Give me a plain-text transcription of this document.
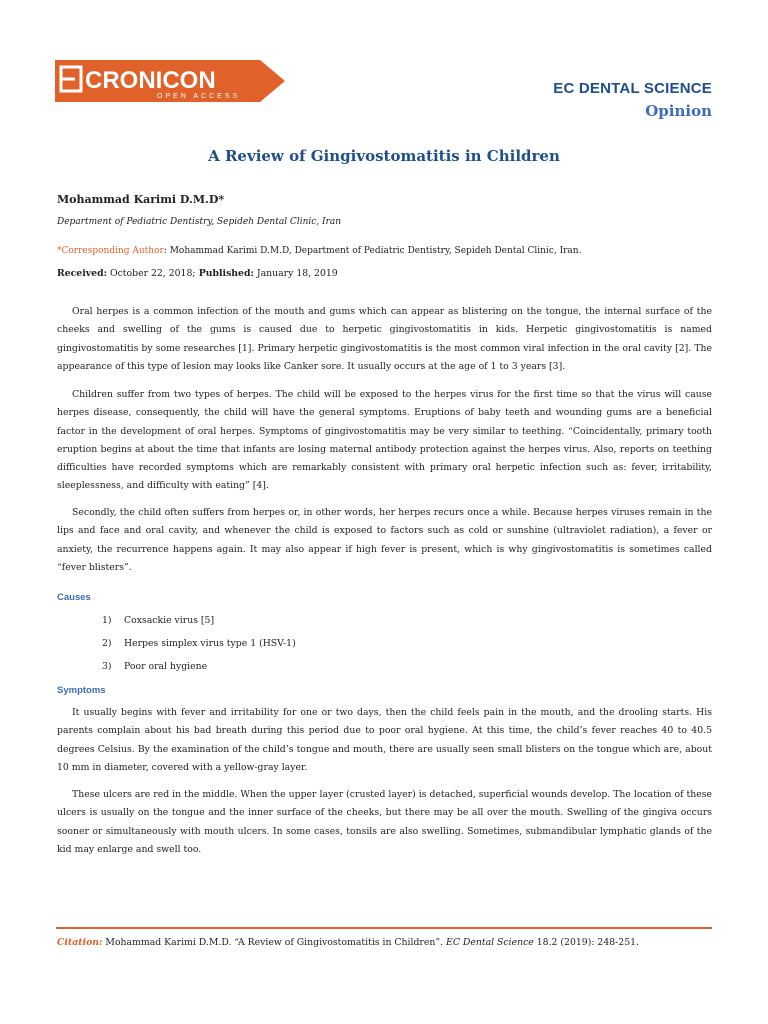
CRONICON
OPEN ACCESS	EC DENTAL SCIENCE
Opinion
A Review of Gingivostomatitis in Children
Mohammad Karimi D.M.D*
Department of Pediatric Dentistry, Sepideh Dental Clinic, Iran
*Corresponding Author: Mohammad Karimi D.M.D, Department of Pediatric Dentistry, Sepideh Dental Clinic, Iran.
Received: October 22, 2018; Published: January 18, 2019

Oral herpes is a common infection of the mouth and gums which can appear as blistering on the tongue, the internal surface of the cheeks and swelling of the gums is caused due to herpetic gingivostomatitis in kids. Herpetic gingivostomatitis is named gingivostomatitis by some researches [1]. Primary herpetic gingivostomatitis is the most common viral infection in the oral cavity [2]. The appearance of this type of lesion may looks like Canker sore. It usually occurs at the age of 1 to 3 years [3].

Children suffer from two types of herpes. The child will be exposed to the herpes virus for the first time so that the virus will cause herpes disease, consequently, the child will have the general symptoms. Eruptions of baby teeth and wounding gums are a beneficial factor in the development of oral herpes. Symptoms of gingivostomatitis may be very similar to teething. “Coincidentally, primary tooth eruption begins at about the time that infants are losing maternal antibody protection against the herpes virus. Also, reports on teething difficulties have recorded symptoms which are remarkably consistent with primary oral herpetic infection such as: fever, irritability, sleeplessness, and difficulty with eating” [4].

Secondly, the child often suffers from herpes or, in other words, her herpes recurs once a while. Because herpes viruses remain in the lips and face and oral cavity, and whenever the child is exposed to factors such as cold or sunshine (ultraviolet radiation), a fever or anxiety, the recurrence happens again. It may also appear if high fever is present, which is why gingivostomatitis is sometimes called “fever blisters”.

Causes
1)	Coxsackie virus [5]
2)	Herpes simplex virus type 1 (HSV-1)
3)	Poor oral hygiene
Symptoms

It usually begins with fever and irritability for one or two days, then the child feels pain in the mouth, and the drooling starts. His parents complain about his bad breath during this period due to poor oral hygiene. At this time, the child’s fever reaches 40 to 40.5 degrees Celsius. By the examination of the child’s tongue and mouth, there are usually seen small blisters on the tongue which are, about 10 mm in diameter, covered with a yellow-gray layer.

These ulcers are red in the middle. When the upper layer (crusted layer) is detached, superficial wounds develop. The location of these ulcers is usually on the tongue and the inner surface of the cheeks, but there may be all over the mouth. Swelling of the gingiva occurs sooner or simultaneously with mouth ulcers. In some cases, tonsils are also swelling. Sometimes, submandibular lymphatic glands of the kid may enlarge and swell too.

Citation: Mohammad Karimi D.M.D. “A Review of Gingivostomatitis in Children”. EC Dental Science 18.2 (2019): 248-251.
